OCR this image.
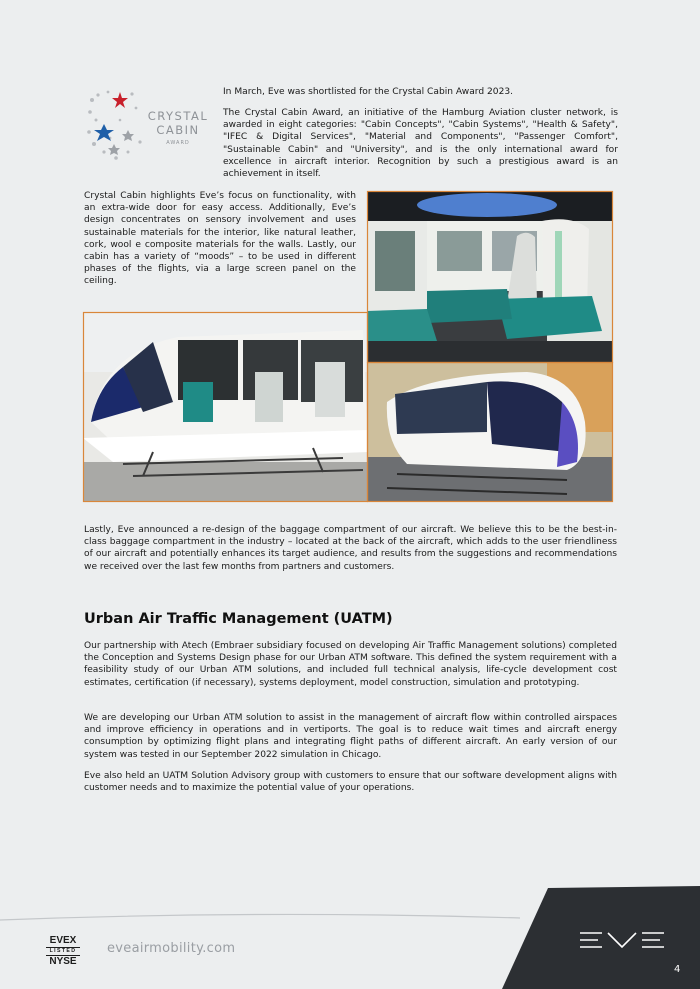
CRYSTAL
CABIN
AWARD

In March, Eve was shortlisted for the Crystal Cabin Award 2023.

The Crystal Cabin Award, an initiative of the Hamburg Aviation cluster network, is awarded in eight categories: "Cabin Concepts", "Cabin Systems", "Health & Safety", "IFEC & Digital Services", "Material and Components", "Passenger Comfort", "Sustainable Cabin" and "University", and is the only international award for excellence in aircraft interior. Recognition by such a prestigious award is an achievement in itself.

Crystal Cabin highlights Eve’s focus on functionality, with an extra-wide door for easy access. Additionally, Eve’s design concentrates on sensory involvement and uses sustainable materials for the interior, like natural leather, cork, wool e composite materials for the walls. Lastly, our cabin has a variety of “moods” – to be used in different phases of the flights, via a large screen panel on the ceiling.

Lastly, Eve announced a re-design of the baggage compartment of our aircraft. We believe this to be the best-in-class baggage compartment in the industry – located at the back of the aircraft, which adds to the user friendliness of our aircraft and potentially enhances its target audience, and results from the suggestions and recommendations we received over the last few months from partners and customers.

Urban Air Traffic Management (UATM)

Our partnership with Atech (Embraer subsidiary focused on developing Air Traffic Management solutions) completed the Conception and Systems Design phase for our Urban ATM software. This defined the system requirement with a feasibility study of our Urban ATM solutions, and included full technical analysis, life-cycle development cost estimates, certification (if necessary), systems deployment, model construction, simulation and prototyping.

We are developing our Urban ATM solution to assist in the management of aircraft flow within controlled airspaces and improve efficiency in operations and in vertiports. The goal is to reduce wait times and aircraft energy consumption by optimizing flight plans and integrating flight paths of different aircraft. An early version of our system was tested in our September 2022 simulation in Chicago.

Eve also held an UATM Solution Advisory group with customers to ensure that our software development aligns with customer needs and to maximize the potential value of your operations.

EVEX
LISTED
NYSE
eveairmobility.com
4
